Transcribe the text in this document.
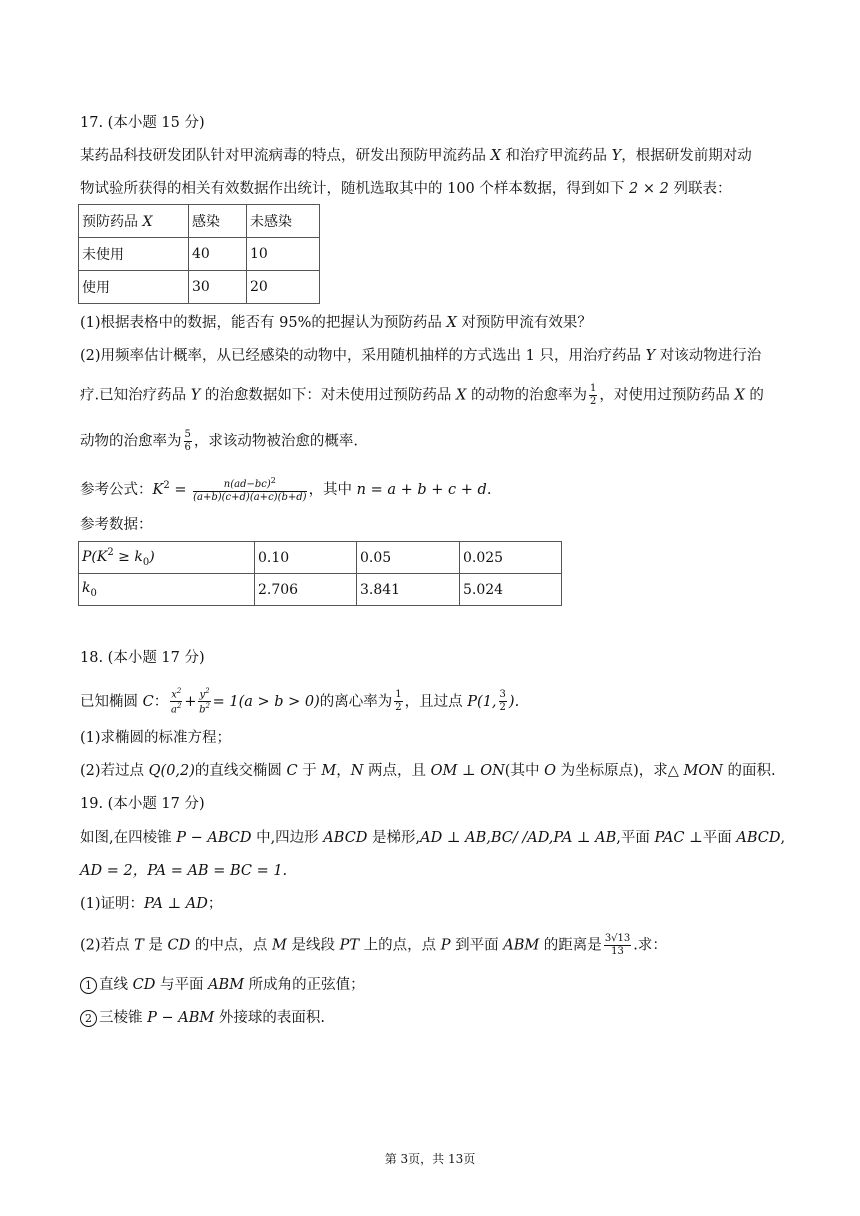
17. (本小题 15 分)
某药品科技研发团队针对甲流病毒的特点，研发出预防甲流药品 X 和治疗甲流药品 Y，根据研发前期对动
物试验所获得的相关有效数据作出统计，随机选取其中的 100 个样本数据，得到如下 2 × 2 列联表：
预防药品 X	感染	未感染
未使用	40	10
使用	30	20
(1)根据表格中的数据，能否有 95%的把握认为预防药品 X 对预防甲流有效果？
(2)用频率估计概率，从已经感染的动物中，采用随机抽样的方式选出 1 只，用治疗药品 Y 对该动物进行治
疗.已知治疗药品 Y 的治愈数据如下：对未使用过预防药品 X 的动物的治愈率为 $\frac{1}{2}$ ，对使用过预防药品 X 的
动物的治愈率为 $\frac{5}{6}$ ，求该动物被治愈的概率.
参考公式：$K^2 = \frac{n(ad-bc)^2}{(a+b)(c+d)(a+c)(b+d)}$ ，其中 n = a + b + c + d.
参考数据：
$P(K^2 \ge k_0)$	0.10	0.05	0.025
$k_0$	2.706	3.841	5.024
18. (本小题 17 分)
已知椭圆 C： $\frac{x^2}{a^2} + \frac{y^2}{b^2} = 1(a > b > 0)$的离心率为 $\frac{1}{2}$ ，且过点 P(1, $\frac{3}{2}$ ).
(1)求椭圆的标准方程；
(2)若过点 Q(0,2)的直线交椭圆 C 于 M，N 两点，且 OM ⊥ ON(其中 O 为坐标原点)，求△ MON 的面积.
19. (本小题 17 分)
如图,在四棱锥 P − ABCD 中,四边形 ABCD 是梯形,AD ⊥ AB,BC/ /AD,PA ⊥ AB,平面 PAC ⊥平面 ABCD,
AD = 2，PA = AB = BC = 1.
(1)证明：PA ⊥ AD；
(2)若点 T 是 CD 的中点，点 M 是线段 PT 上的点，点 P 到平面 ABM 的距离是 $\frac{3√13}{13}$ .求：
1 直线 CD 与平面 ABM 所成角的正弦值；
2 三棱锥 P − ABM 外接球的表面积.
第 3页，共 13页
